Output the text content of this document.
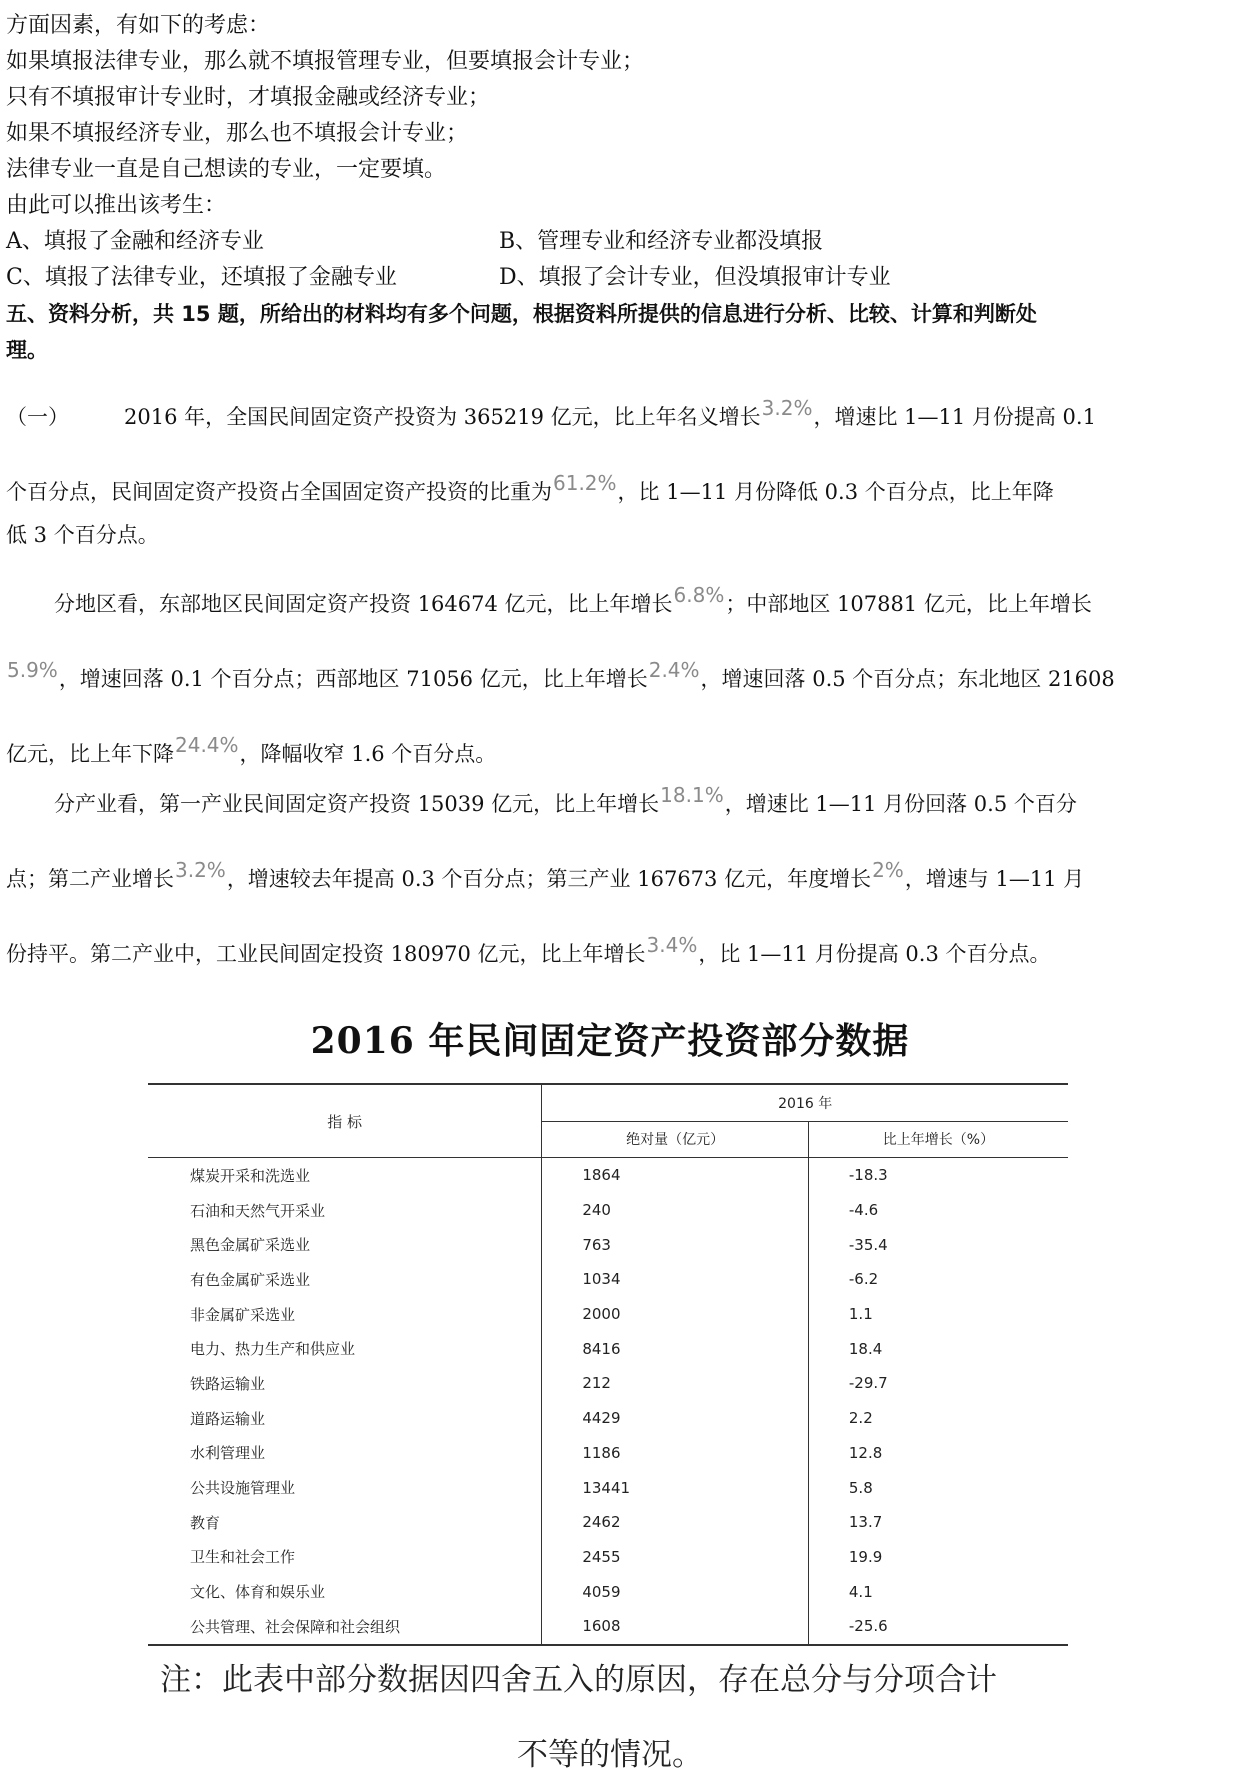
方面因素，有如下的考虑：

如果填报法律专业，那么就不填报管理专业，但要填报会计专业；

只有不填报审计专业时，才填报金融或经济专业；

如果不填报经济专业，那么也不填报会计专业；

法律专业一直是自己想读的专业，一定要填。

由此可以推出该考生：

A、填报了金融和经济专业	B、管理专业和经济专业都没填报
C、填报了法律专业，还填报了金融专业	D、填报了会计专业，但没填报审计专业

五、资料分析，共 15 题，所给出的材料均有多个问题，根据资料所提供的信息进行分析、比较、计算和判断处

理。

（一）	2016 年，全国民间固定资产投资为 365219 亿元，比上年名义增长3.2%，增速比 1—11 月份提高 0.1
个百分点，民间固定资产投资占全国固定资产投资的比重为61.2%，比 1—11 月份降低 0.3 个百分点，比上年降

低 3 个百分点。

分地区看，东部地区民间固定资产投资 164674 亿元，比上年增长6.8%；中部地区 107881 亿元，比上年增长
5.9%，增速回落 0.1 个百分点；西部地区 71056 亿元，比上年增长2.4%，增速回落 0.5 个百分点；东北地区 21608
亿元，比上年下降24.4%，降幅收窄 1.6 个百分点。

分产业看，第一产业民间固定资产投资 15039 亿元，比上年增长18.1%，增速比 1—11 月份回落 0.5 个百分
点；第二产业增长3.2%，增速较去年提高 0.3 个百分点；第三产业 167673 亿元，年度增长2%，增速与 1—11 月
份持平。第二产业中，工业民间固定投资 180970 亿元，比上年增长3.4%，比 1—11 月份提高 0.3 个百分点。

2016 年民间固定资产投资部分数据

指 标	2016 年	
	绝对量（亿元）	比上年增长（%）
煤炭开采和洗选业	1864	-18.3
石油和天然气开采业	240	-4.6
黑色金属矿采选业	763	-35.4
有色金属矿采选业	1034	-6.2
非金属矿采选业	2000	1.1
电力、热力生产和供应业	8416	18.4
铁路运输业	212	-29.7
道路运输业	4429	2.2
水利管理业	1186	12.8
公共设施管理业	13441	5.8
教育	2462	13.7
卫生和社会工作	2455	19.9
文化、体育和娱乐业	4059	4.1
公共管理、社会保障和社会组织	1608	-25.6

注：此表中部分数据因四舍五入的原因，存在总分与分项合计

不等的情况。
